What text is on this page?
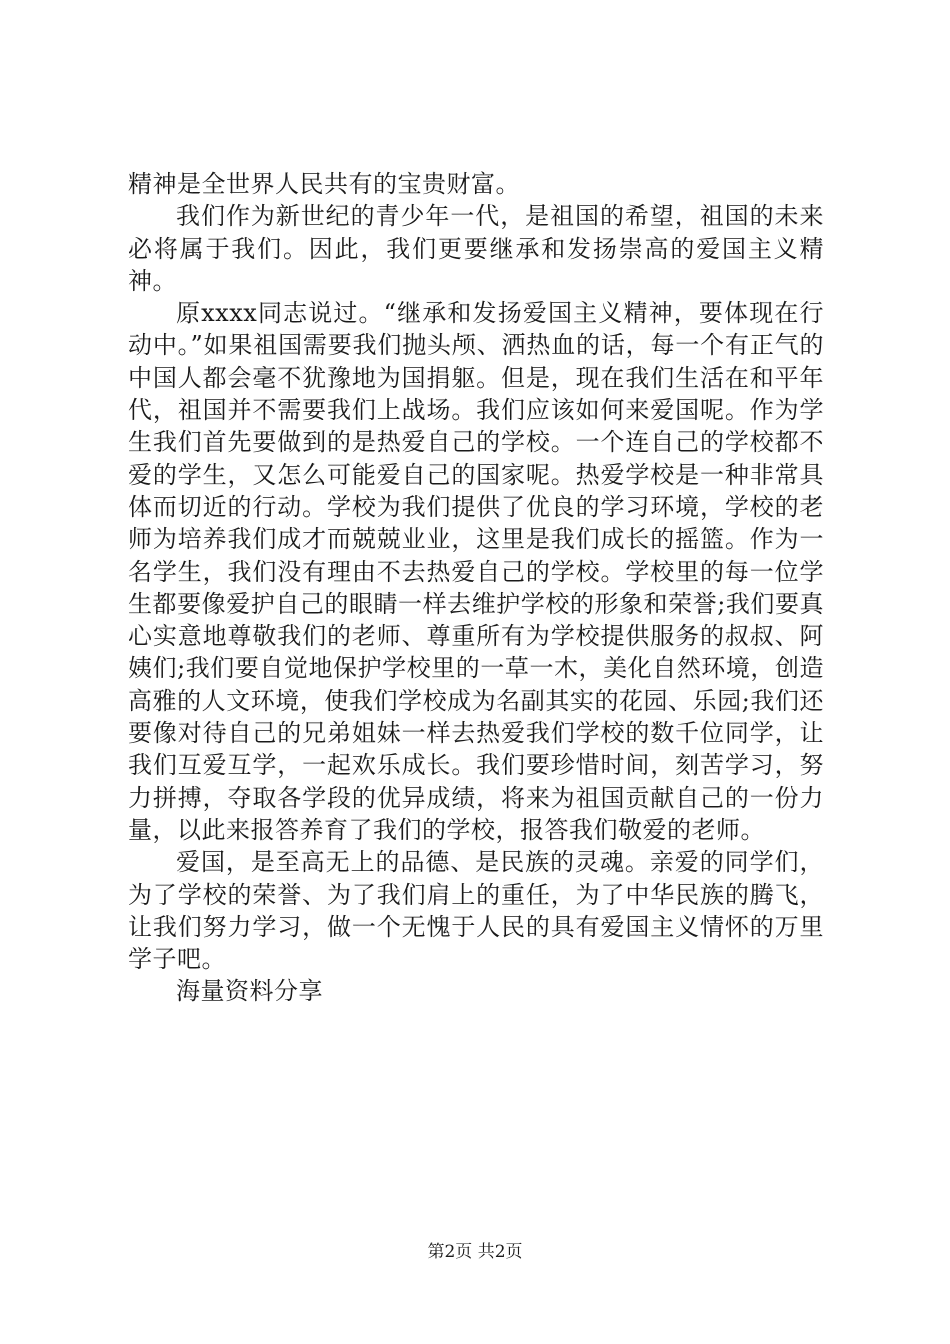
精神是全世界人民共有的宝贵财富。

我们作为新世纪的青少年一代，是祖国的希望，祖国的未来必将属于我们。因此，我们更要继承和发扬崇高的爱国主义精神。

原xxxx同志说过。“继承和发扬爱国主义精神，要体现在行动中。”如果祖国需要我们抛头颅、洒热血的话，每一个有正气的中国人都会毫不犹豫地为国捐躯。但是，现在我们生活在和平年代，祖国并不需要我们上战场。我们应该如何来爱国呢。作为学生我们首先要做到的是热爱自己的学校。一个连自己的学校都不爱的学生，又怎么可能爱自己的国家呢。热爱学校是一种非常具体而切近的行动。学校为我们提供了优良的学习环境，学校的老师为培养我们成才而兢兢业业，这里是我们成长的摇篮。作为一名学生，我们没有理由不去热爱自己的学校。学校里的每一位学生都要像爱护自己的眼睛一样去维护学校的形象和荣誉;我们要真心实意地尊敬我们的老师、尊重所有为学校提供服务的叔叔、阿姨们;我们要自觉地保护学校里的一草一木，美化自然环境，创造高雅的人文环境，使我们学校成为名副其实的花园、乐园;我们还要像对待自己的兄弟姐妹一样去热爱我们学校的数千位同学，让我们互爱互学，一起欢乐成长。我们要珍惜时间，刻苦学习，努力拼搏，夺取各学段的优异成绩，将来为祖国贡献自己的一份力量，以此来报答养育了我们的学校，报答我们敬爱的老师。

爱国，是至高无上的品德、是民族的灵魂。亲爱的同学们，为了学校的荣誉、为了我们肩上的重任，为了中华民族的腾飞，让我们努力学习，做一个无愧于人民的具有爱国主义情怀的万里学子吧。

海量资料分享

第2页 共2页
